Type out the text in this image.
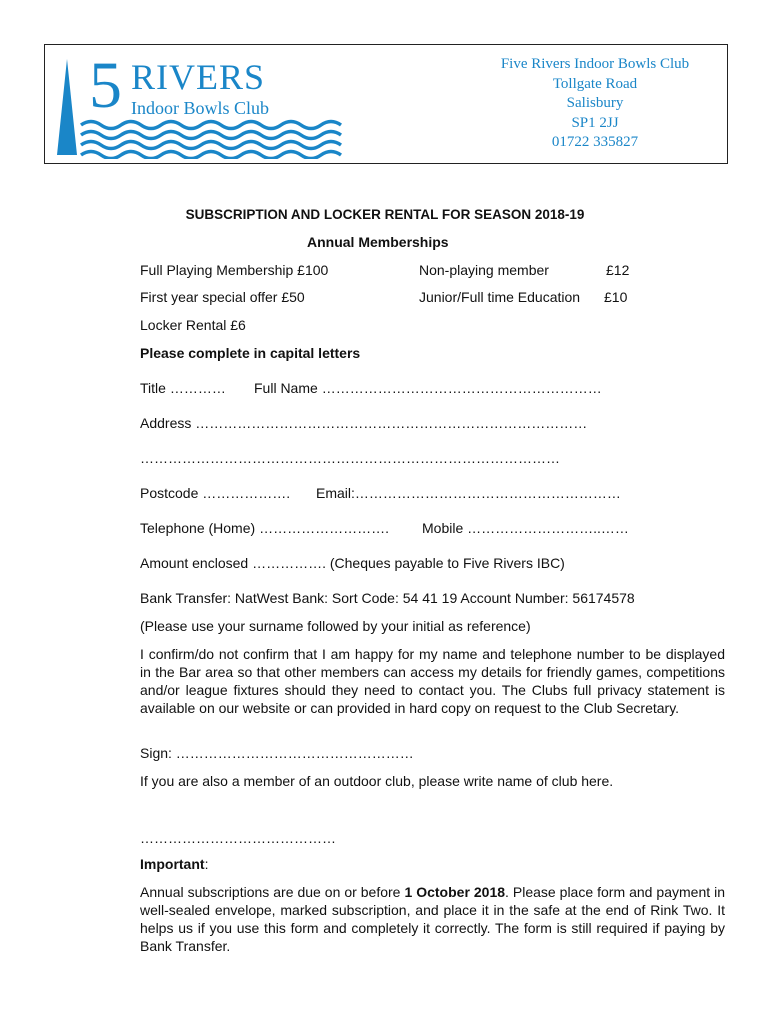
5 RIVERS
Indoor Bowls Club
Five Rivers Indoor Bowls Club
Tollgate Road
Salisbury
SP1 2JJ
01722 335827
SUBSCRIPTION AND LOCKER RENTAL FOR SEASON 2018-19
Annual Memberships
Full Playing Membership £100	Non-playing member	£12
First year special offer £50	Junior/Full time Education £10
Locker Rental £6
Please complete in capital letters
Title ………… Full Name ……………………………………………………
Address …………………………………………………………………………
………………………………………………………………………………
Postcode ………………. Email:…………………………………………………
Telephone (Home) ………………………. Mobile ………………………..……
Amount enclosed ……………. (Cheques payable to Five Rivers IBC)
Bank Transfer: NatWest Bank: Sort Code: 54 41 19 Account Number: 56174578
(Please use your surname followed by your initial as reference)
I confirm/do not confirm that I am happy for my name and telephone number to be displayed in the Bar area so that other members can access my details for friendly games, competitions and/or league fixtures should they need to contact you. The Clubs full privacy statement is available on our website or can provided in hard copy on request to the Club Secretary.
Sign: ……………………………………………
If you are also a member of an outdoor club, please write name of club here.
……………………………………
Important:
Annual subscriptions are due on or before 1 October 2018. Please place form and payment in well-sealed envelope, marked subscription, and place it in the safe at the end of Rink Two. It helps us if you use this form and completely it correctly. The form is still required if paying by Bank Transfer.
